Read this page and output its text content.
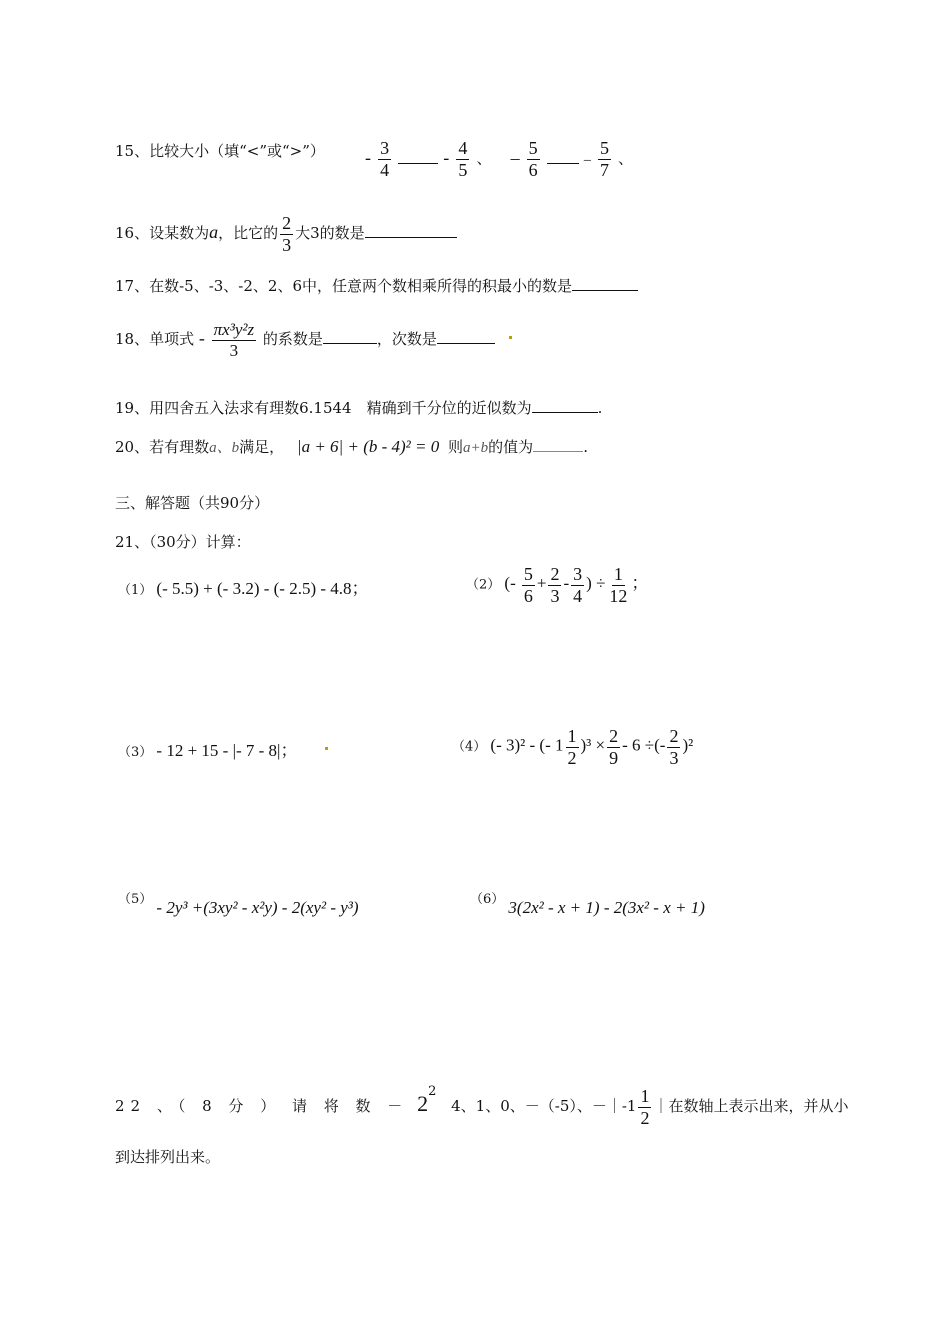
15、比较大小（填“<”或“>”） - $\frac{3}{4}$	- $\frac{4}{5}$ 、 – $\frac{5}{6}$	– $\frac{5}{7}$ 、
16、设某数为a，比它的 $\frac{2}{3}$ 大3的数是
17、在数-5、-3、-2、2、6中，任意两个数相乘所得的积最小的数是
18、单项式 - $\frac{\text{πx³y²z}}{3}$ 的系数是	，次数是
19、用四舍五入法求有理数6.1544　精确到千分位的近似数为	.
20、若有理数a、b满足， |a + 6| + (b - 4)² = 0 则a+b的值为	.
三、解答题（共90分）
21、（30分）计算：
（1） (- 5.5) + (- 3.2) - (- 2.5) - 4.8；	（2） (- $\frac{5}{6} + \frac{2}{3} - \frac{3}{4}$ ) ÷ $\frac{1}{12}$ ；
（3） - 12 + 15 - |- 7 - 8|；	（4） (- 3)² - (- $1 \frac{1}{2} )^3 \times \frac{2}{9} - 6$ ÷(- $\frac{2}{3} )^2$
（5） - 2y³ +(3xy² - x²y) - 2(xy² - y³)	（6） 3(2x² - x + 1) - 2(3x² - x + 1)
22 、（ 8 分 ） 请 将 数 － $2^2$ 4、1、0、－（-5）、－｜-1 $\frac{1}{2}$ ｜在数轴上表示出来，并从小
到达排列出来。
